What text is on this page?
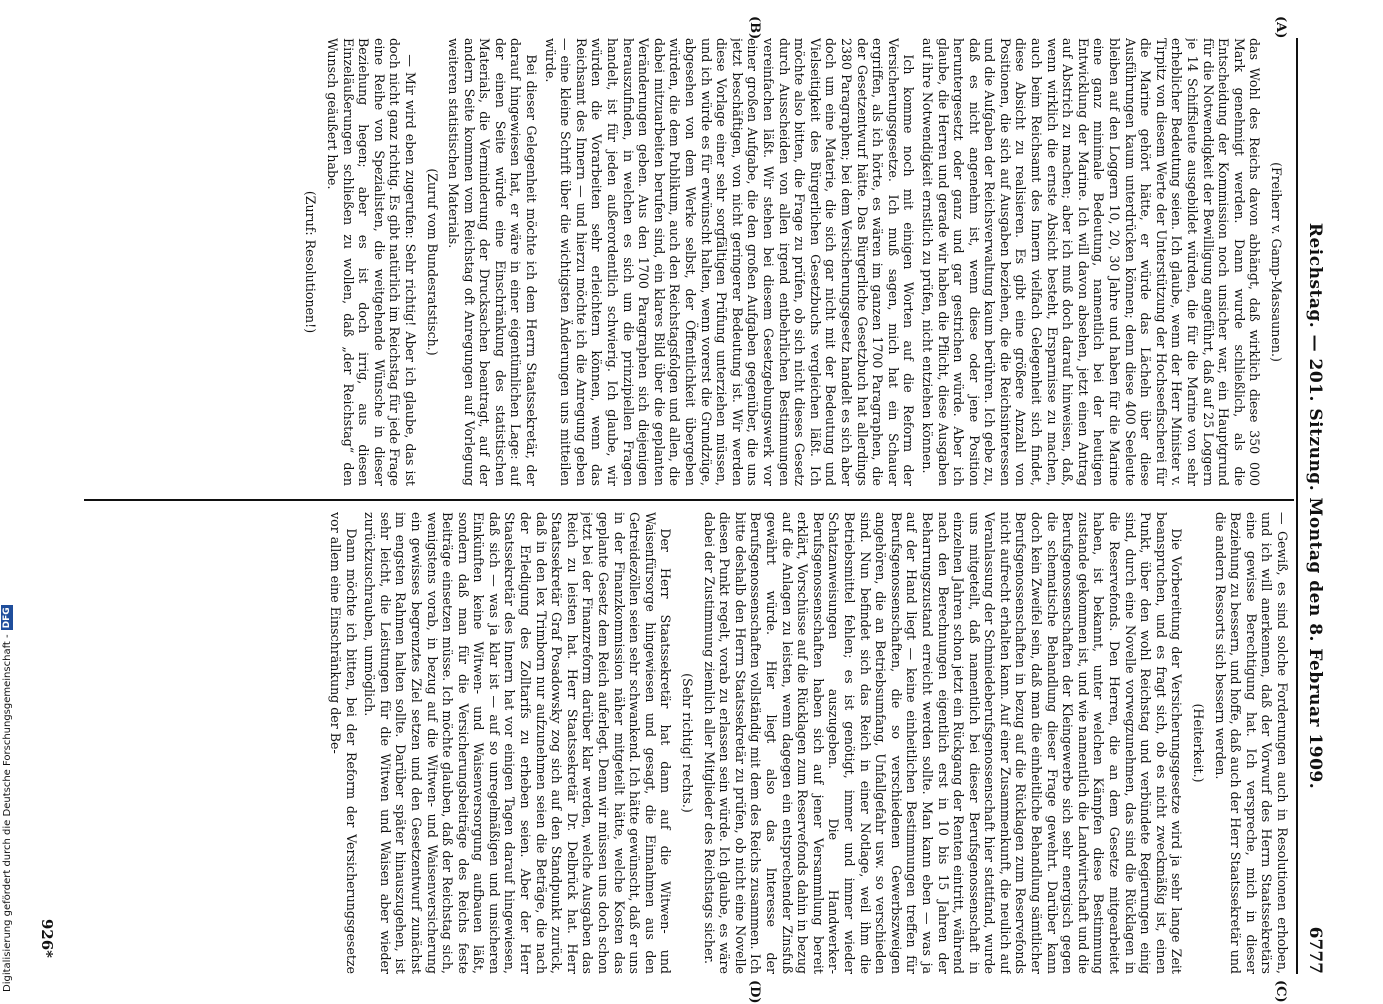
Digitalisierung gefördert durch die Deutsche Forschungsgemeinschaft -
DFG	Reichstag. — 201. Sitzung. Montag den 8. Februar 1909.
6777
(A)
(B)
(C)
(D)

(Freiherr v. Gamp-Massaunen.)

das Wohl des Reichs davon abhängt, daß wirklich diese 350 000 Mark genehmigt werden. Dann wurde schließlich, als die Entscheidung der Kommission noch unsicher war, ein Hauptgrund für die Notwendigkeit der Bewilligung angeführt, daß auf 25 Loggern je 14 Schiffsleute ausgebildet würden, die für die Marine von sehr erheblicher Bedeutung seien. Ich glaube, wenn der Herr Minister v. Tirpitz von diesem Werte der Unterstützung der Hochseefischerei für die Marine gehört hätte, er würde das Lächeln über diese Ausführungen kaum unterdrücken können; denn diese 400 Seeleute bleiben auf den Loggern 10, 20, 30 Jahre und haben für die Marine eine ganz minimale Bedeutung, namentlich bei der heutigen Entwicklung der Marine. Ich will davon absehen, jetzt einen Antrag auf Abstrich zu machen; aber ich muß doch darauf hinweisen, daß, wenn wirklich die ernste Absicht besteht, Ersparnisse zu machen, auch beim Reichsamt des Innern vielfach Gelegenheit sich findet, diese Absicht zu realisieren. Es gibt eine größere Anzahl von Positionen, die sich auf Ausgaben beziehen, die die Reichsinteressen und die Aufgaben der Reichsverwaltung kaum berühren. Ich gebe zu, daß es nicht angenehm ist, wenn diese oder jene Position heruntergesetzt oder ganz und gar gestrichen würde. Aber ich glaube, die Herren und gerade wir haben die Pflicht, diese Ausgaben auf ihre Notwendigkeit ernstlich zu prüfen, nicht entziehen können.

Ich komme noch mit einigen Worten auf die Reform der Versicherungsgesetze. Ich muß sagen, mich hat ein Schauer ergriffen, als ich hörte, es wären im ganzen 1700 Paragraphen, die der Gesetzentwurf hätte. Das Bürgerliche Gesetzbuch hat allerdings 2380 Paragraphen; bei dem Versicherungsgesetz handelt es sich aber doch um eine Materie, die sich gar nicht mit der Bedeutung und Vielseitigkeit des Bürgerlichen Gesetzbuchs vergleichen läßt. Ich möchte also bitten, die Frage zu prüfen, ob sich nicht dieses Gesetz durch Ausscheiden von allen irgend entbehrlichen Bestimmungen vereinfachen läßt. Wir stehen bei diesem Gesetzgebungswerk vor einer großen Aufgabe, die den großen Aufgaben gegenüber, die uns jetzt beschäftigen, von nicht geringerer Bedeutung ist. Wir werden diese Vorlage einer sehr sorgfältigen Prüfung unterziehen müssen, und ich würde es für erwünscht halten, wenn vorerst die Grundzüge, abgesehen von dem Werke selbst, der Öffentlichkeit übergeben würden, die dem Publikum, auch den Reichstagsfolgen und allen, die dabei mitzuarbeiten berufen sind, ein klares Bild über die geplanten Veränderungen geben. Aus den 1700 Paragraphen sich diejenigen herauszufinden, in welchen es sich um die prinzipiellen Fragen handelt, ist für jeden außerordentlich schwierig. Ich glaube, wir würden die Vorarbeiten sehr erleichtern können, wenn das Reichsamt des Innern — und hierzu möchte ich die Anregung geben — eine kleine Schrift über die wichtigsten Änderungen uns mitteilen würde.

Bei dieser Gelegenheit möchte ich dem Herrn Staatssekretär, der darauf hingewiesen hat, er wäre in einer eigentümlichen Lage: auf der einen Seite würde eine Einschränkung des statistischen Materials, die Verminderung der Drucksachen beantragt, auf der andern Seite kommen vom Reichstag oft Anregungen auf Vorlegung weiteren statistischen Materials.

(Zuruf vom Bundesratstisch.)

— Mir wird eben zugerufen: Sehr richtig! Aber ich glaube, das ist doch nicht ganz richtig. Es gibt natürlich im Reichstag für jede Frage eine Reihe von Spezialisten, die weitgehende Wünsche in dieser Beziehung hegen; aber es ist doch irrig, aus diesen Einzeläußerungen schließen zu wollen, daß „der Reichstag“ den Wunsch geäußert habe.

(Zuruf: Resolutionen!)

— Gewiß, es sind solche Forderungen auch in Resolutionen erhoben, und ich will anerkennen, daß der Vorwurf des Herrn Staatssekretärs eine gewisse Berechtigung hat. Ich verspreche, mich in dieser Beziehung zu bessern, und hoffe, daß auch der Herr Staatssekretär und die andern Ressorts sich bessern werden.

(Heiterkeit.)

Die Vorbereitung der Versicherungsgesetze wird ja sehr lange Zeit beanspruchen, und es fragt sich, ob es nicht zweckmäßig ist, einen Punkt, über den wohl Reichstag und verbündete Regierungen einig sind, durch eine Novelle vorwegzunehmen, das sind die Rücklagen in die Reservefonds. Den Herren, die an dem Gesetze mitgearbeitet haben, ist bekannt, unter welchen Kämpfen diese Bestimmung zustande gekommen ist, und wie namentlich die Landwirtschaft und die Berufsgenossenschaften der Kleingewerbe sich sehr energisch gegen die schematische Behandlung dieser Frage gewehrt. Darüber kann doch kein Zweifel sein, daß man die einheitliche Behandlung sämtlicher Berufsgenossenschaften in bezug auf die Rücklagen zum Reservefonds nicht aufrecht erhalten kann. Auf einer Zusammenkunft, die neulich auf Veranlassung der Schmiedeberufsgenossenschaft hier stattfand, wurde uns mitgeteilt, daß namentlich bei dieser Berufsgenossenschaft in einzelnen Jahren schon jetzt ein Rückgang der Renten eintritt, während nach den Berechnungen eigentlich erst in 10 bis 15 Jahren der Beharrungszustand erreicht werden sollte. Man kann eben — was ja auf der Hand liegt — keine einheitlichen Bestimmungen treffen für Berufsgenossenschaften, die so verschiedenen Gewerbszweigen angehören, die an Betriebsumfang, Unfallgefahr usw. so verschieden sind. Nun befindet sich das Reich in einer Notlage, weil ihm die Betriebsmittel fehlen; es ist genötigt, immer und immer wieder Schatzanweisungen auszugeben. Die Handwerker-Berufsgenossenschaften haben sich auf jener Versammlung bereit erklärt, Vorschüsse auf die Rücklagen zum Reservefonds dahin in bezug auf die Anlagen zu leisten, wenn dagegen ein entsprechender Zinsfuß gewährt würde. Hier liegt also das Interesse der Berufsgenossenschaften vollständig mit dem des Reichs zusammen. Ich bitte deshalb den Herrn Staatssekretär zu prüfen, ob nicht eine Novelle diesen Punkt regelt, vorab zu erlassen sein würde. Ich glaube, es wäre dabei der Zustimmung ziemlich aller Mitglieder des Reichstags sicher.

(Sehr richtig! rechts.)

Der Herr Staatssekretär hat dann auf die Witwen- und Waisenfürsorge hingewiesen und gesagt, die Einnahmen aus den Getreidezöllen seien sehr schwankend. Ich hätte gewünscht, daß er uns in der Finanzkommission näher mitgeteilt hätte, welche Kosten das geplante Gesetz dem Reich auferlegt. Denn wir müssen uns doch schon jetzt bei der Finanzreform darüber klar werden, welche Ausgaben das Reich zu leisten hat. Herr Staatssekretär Dr. Delbrück hat. Herr Staatssekretär Graf Posadowsky zog sich auf den Standpunkt zurück, daß in den lex Trimborn nur aufzunehmen seien die Beträge, die nach der Erledigung des Zolltarifs zu erheben seien. Aber der Herr Staatssekretär des Innern hat vor einigen Tagen darauf hingewiesen, daß sich — was ja klar ist — auf so unregelmäßigen und unsicheren Einkünften keine Witwen- und Waisenversorgung aufbauen läßt, sondern daß man für die Versicherungsbeiträge des Reichs feste Beiträge einsetzen müsse. Ich möchte glauben, daß der Reichstag sich, wenigstens vorab, in bezug auf die Witwen- und Waisenversicherung ein gewisses begrenztes Ziel setzen und den Gesetzentwurf zunächst im engsten Rahmen halten sollte. Darüber später hinauszugehen, ist sehr leicht, die Leistungen für die Witwen und Waisen aber wieder zurückzuschrauben, unmöglich.

Dann möchte ich bitten, bei der Reform der Versicherungsgesetze vor allem eine Einschränkung der Be-

926*
